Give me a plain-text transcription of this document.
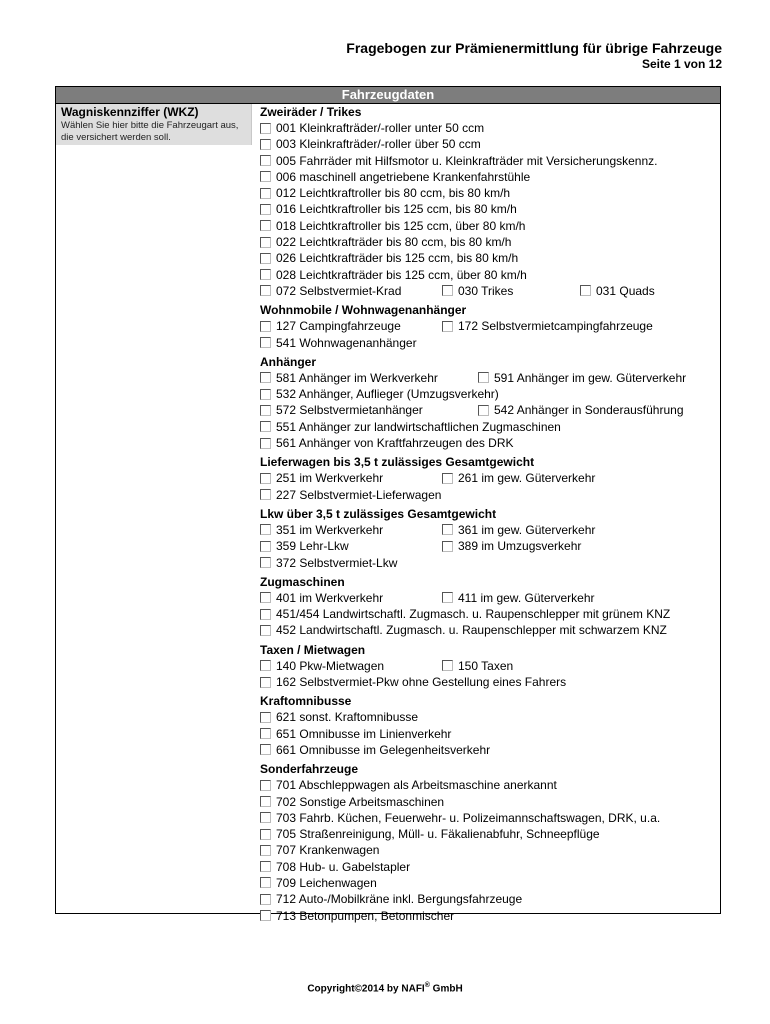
Fragebogen zur Prämienermittlung für übrige Fahrzeuge
Seite 1 von 12
Fahrzeugdaten
Wagniskennziffer (WKZ)
Wählen Sie hier bitte die Fahrzeugart aus, die versichert werden soll.
Zweiräder / Trikes
001 Kleinkrafträder/-roller unter 50 ccm
003 Kleinkrafträder/-roller über 50 ccm
005 Fahrräder mit Hilfsmotor u. Kleinkrafträder mit Versicherungskennz.
006 maschinell angetriebene Krankenfahrstühle
012 Leichtkraftroller bis 80 ccm, bis 80 km/h
016 Leichtkraftroller bis 125 ccm, bis 80 km/h
018 Leichtkraftroller bis 125 ccm, über 80 km/h
022 Leichtkrafträder bis 80 ccm, bis 80 km/h
026 Leichtkrafträder bis 125 ccm, bis 80 km/h
028 Leichtkrafträder bis 125 ccm, über 80 km/h
072 Selbstvermiet-Krad	030 Trikes	031 Quads
Wohnmobile / Wohnwagenanhänger
127 Campingfahrzeuge	172 Selbstvermietcampingfahrzeuge
541 Wohnwagenanhänger
Anhänger
581 Anhänger im Werkverkehr	591 Anhänger im gew. Güterverkehr
532 Anhänger, Auflieger (Umzugsverkehr)
572 Selbstvermietanhänger	542 Anhänger in Sonderausführung
551 Anhänger zur landwirtschaftlichen Zugmaschinen
561 Anhänger von Kraftfahrzeugen des DRK
Lieferwagen bis 3,5 t zulässiges Gesamtgewicht
251 im Werkverkehr	261 im gew. Güterverkehr
227 Selbstvermiet-Lieferwagen
Lkw über 3,5 t zulässiges Gesamtgewicht
351 im Werkverkehr	361 im gew. Güterverkehr
359 Lehr-Lkw	389 im Umzugsverkehr
372 Selbstvermiet-Lkw
Zugmaschinen
401 im Werkverkehr	411 im gew. Güterverkehr
451/454 Landwirtschaftl. Zugmasch. u. Raupenschlepper mit grünem KNZ
452 Landwirtschaftl. Zugmasch. u. Raupenschlepper mit schwarzem KNZ
Taxen / Mietwagen
140 Pkw-Mietwagen	150 Taxen
162 Selbstvermiet-Pkw ohne Gestellung eines Fahrers
Kraftomnibusse
621 sonst. Kraftomnibusse
651 Omnibusse im Linienverkehr
661 Omnibusse im Gelegenheitsverkehr
Sonderfahrzeuge
701 Abschleppwagen als Arbeitsmaschine anerkannt
702 Sonstige Arbeitsmaschinen
703 Fahrb. Küchen, Feuerwehr- u. Polizeimannschaftswagen, DRK, u.a.
705 Straßenreinigung, Müll- u. Fäkalienabfuhr, Schneepflüge
707 Krankenwagen
708 Hub- u. Gabelstapler
709 Leichenwagen
712 Auto-/Mobilkräne inkl. Bergungsfahrzeuge
713 Betonpumpen, Betonmischer
Copyright©2014 by NAFI® GmbH
